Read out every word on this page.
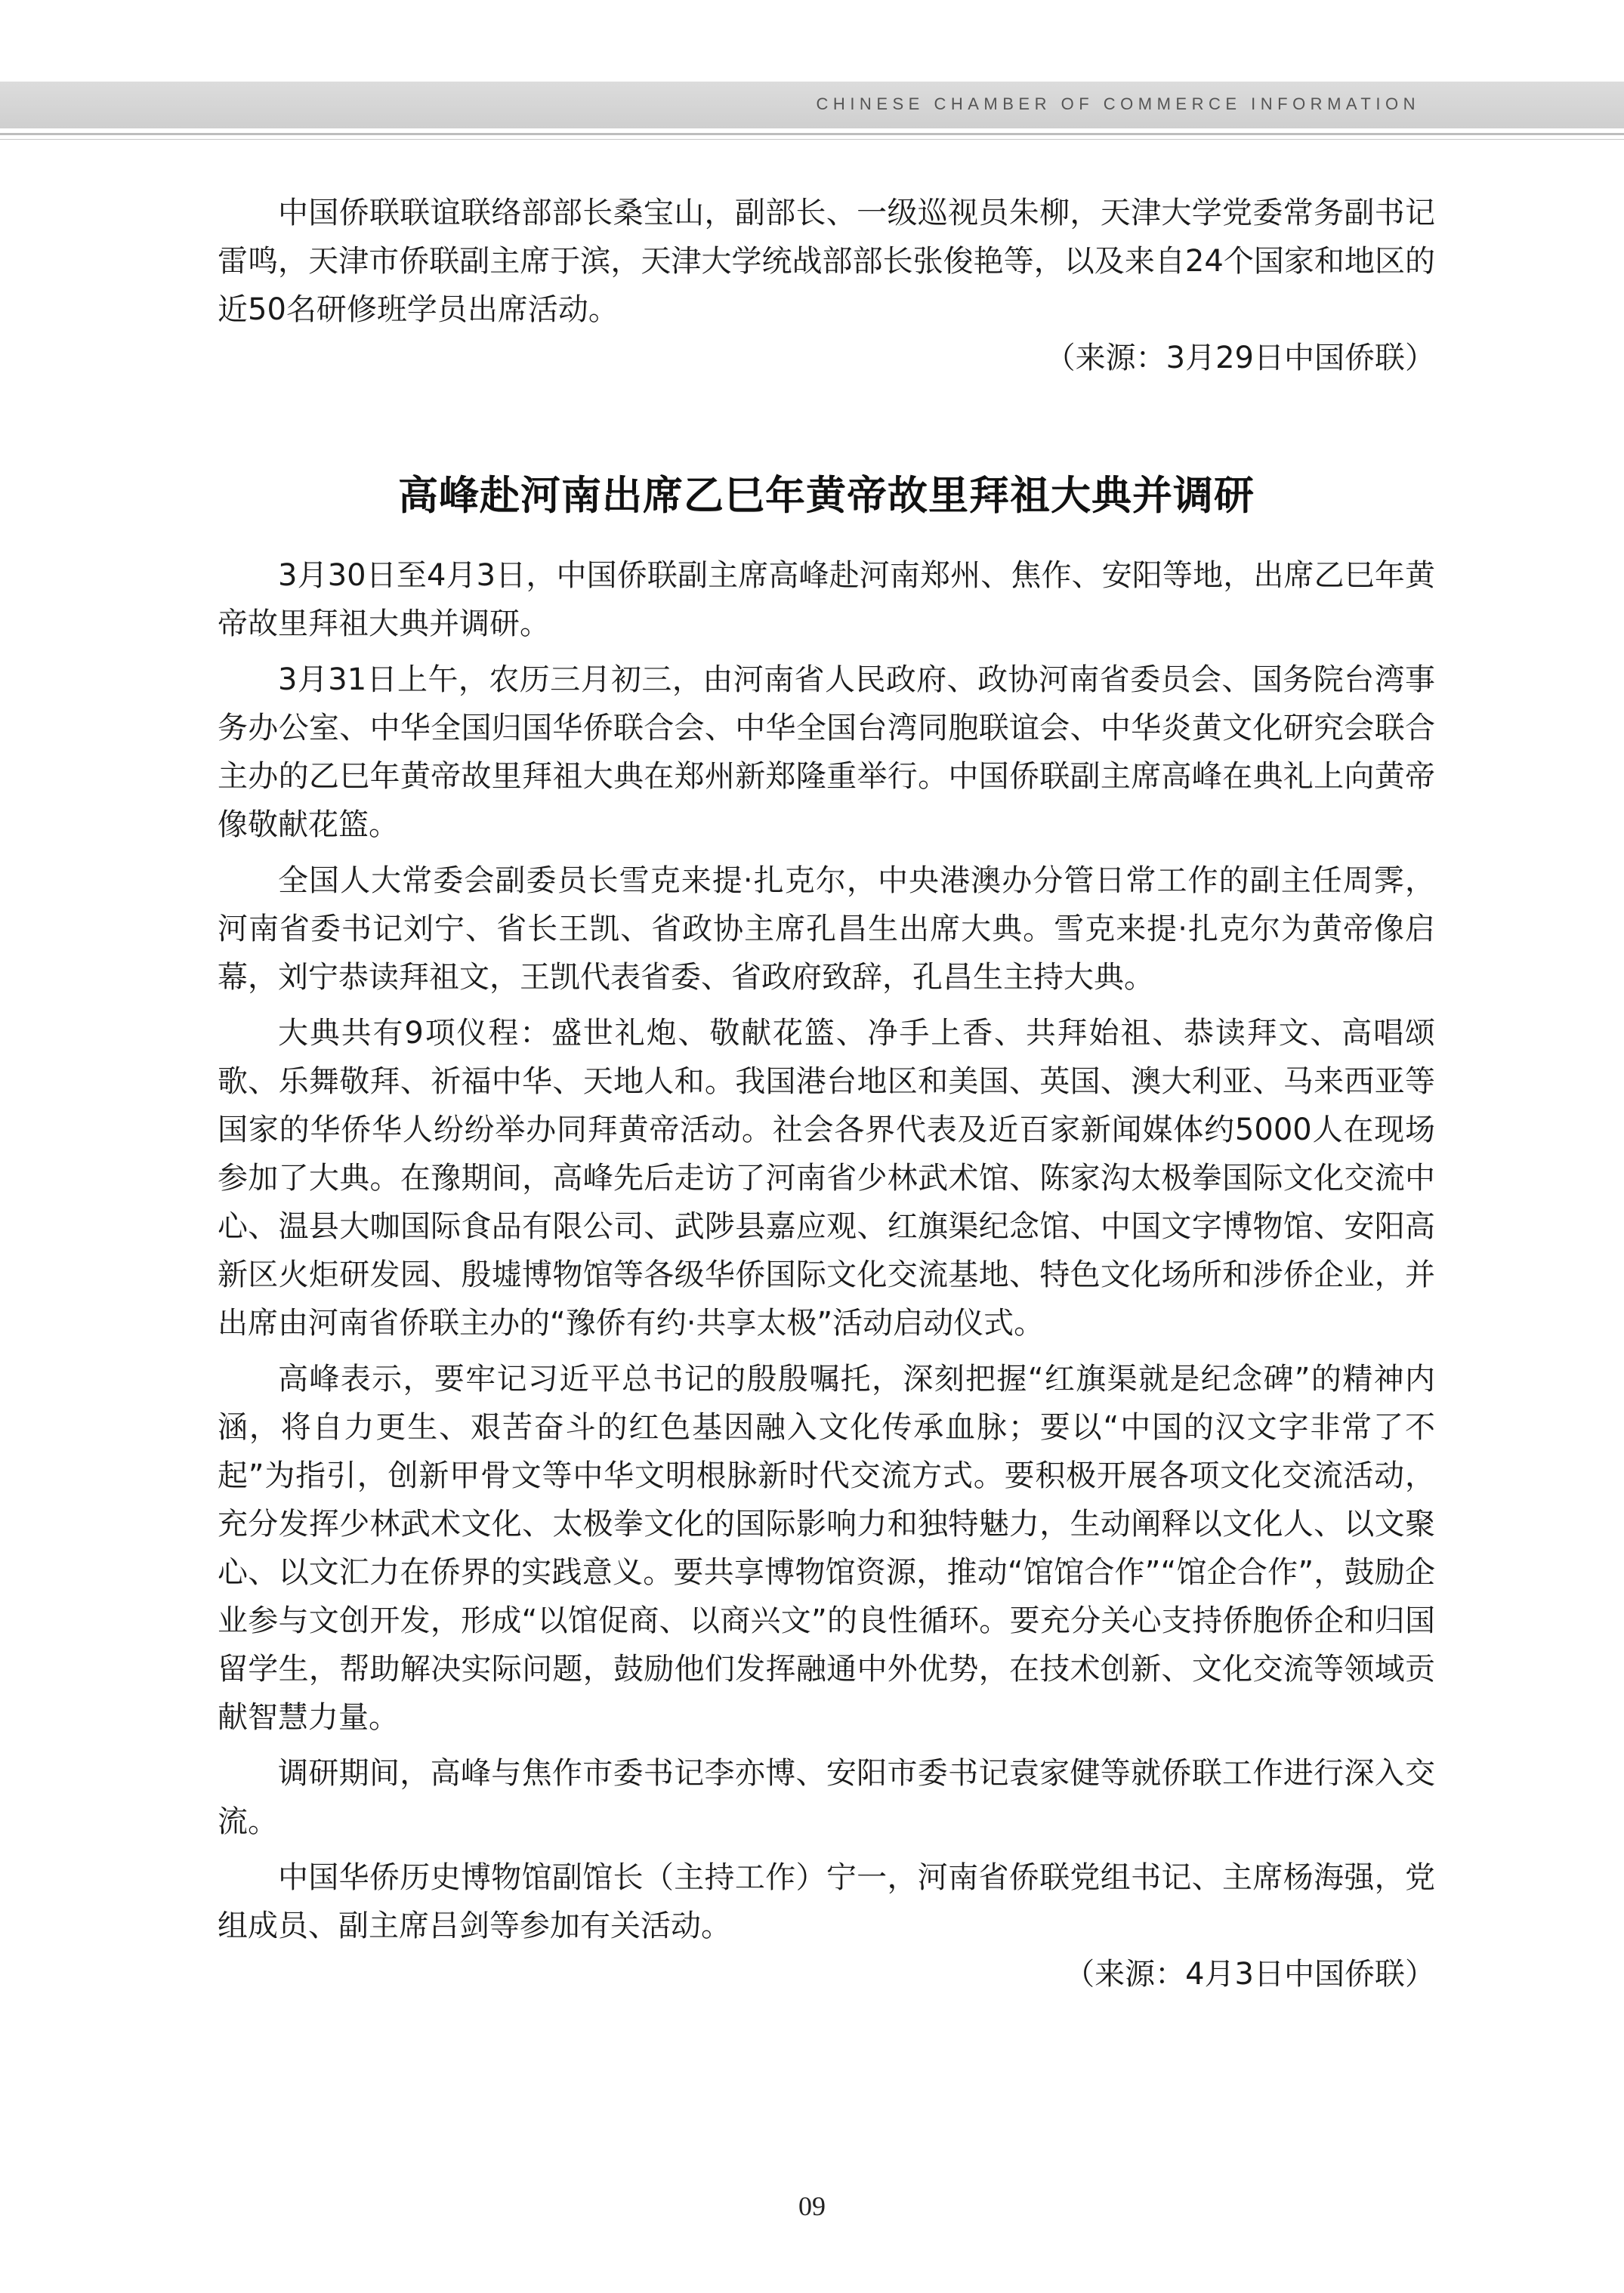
CHINESE CHAMBER OF COMMERCE INFORMATION

中国侨联联谊联络部部长桑宝山，副部长、一级巡视员朱柳，天津大学党委常务副书记雷鸣，天津市侨联副主席于滨，天津大学统战部部长张俊艳等，以及来自24个国家和地区的近50名研修班学员出席活动。

（来源：3月29日中国侨联）
高峰赴河南出席乙巳年黄帝故里拜祖大典并调研

3月30日至4月3日，中国侨联副主席高峰赴河南郑州、焦作、安阳等地，出席乙巳年黄帝故里拜祖大典并调研。

3月31日上午，农历三月初三，由河南省人民政府、政协河南省委员会、国务院台湾事务办公室、中华全国归国华侨联合会、中华全国台湾同胞联谊会、中华炎黄文化研究会联合主办的乙巳年黄帝故里拜祖大典在郑州新郑隆重举行。中国侨联副主席高峰在典礼上向黄帝像敬献花篮。

全国人大常委会副委员长雪克来提·扎克尔，中央港澳办分管日常工作的副主任周霁，河南省委书记刘宁、省长王凯、省政协主席孔昌生出席大典。雪克来提·扎克尔为黄帝像启幕，刘宁恭读拜祖文，王凯代表省委、省政府致辞，孔昌生主持大典。

大典共有9项仪程：盛世礼炮、敬献花篮、净手上香、共拜始祖、恭读拜文、高唱颂歌、乐舞敬拜、祈福中华、天地人和。我国港台地区和美国、英国、澳大利亚、马来西亚等国家的华侨华人纷纷举办同拜黄帝活动。社会各界代表及近百家新闻媒体约5000人在现场参加了大典。在豫期间，高峰先后走访了河南省少林武术馆、陈家沟太极拳国际文化交流中心、温县大咖国际食品有限公司、武陟县嘉应观、红旗渠纪念馆、中国文字博物馆、安阳高新区火炬研发园、殷墟博物馆等各级华侨国际文化交流基地、特色文化场所和涉侨企业，并出席由河南省侨联主办的“豫侨有约·共享太极”活动启动仪式。

高峰表示，要牢记习近平总书记的殷殷嘱托，深刻把握“红旗渠就是纪念碑”的精神内涵，将自力更生、艰苦奋斗的红色基因融入文化传承血脉；要以“中国的汉文字非常了不起”为指引，创新甲骨文等中华文明根脉新时代交流方式。要积极开展各项文化交流活动，充分发挥少林武术文化、太极拳文化的国际影响力和独特魅力，生动阐释以文化人、以文聚心、以文汇力在侨界的实践意义。要共享博物馆资源，推动“馆馆合作”“馆企合作”，鼓励企业参与文创开发，形成“以馆促商、以商兴文”的良性循环。要充分关心支持侨胞侨企和归国留学生，帮助解决实际问题，鼓励他们发挥融通中外优势，在技术创新、文化交流等领域贡献智慧力量。

调研期间，高峰与焦作市委书记李亦博、安阳市委书记袁家健等就侨联工作进行深入交流。

中国华侨历史博物馆副馆长（主持工作）宁一，河南省侨联党组书记、主席杨海强，党组成员、副主席吕剑等参加有关活动。

（来源：4月3日中国侨联）
09
